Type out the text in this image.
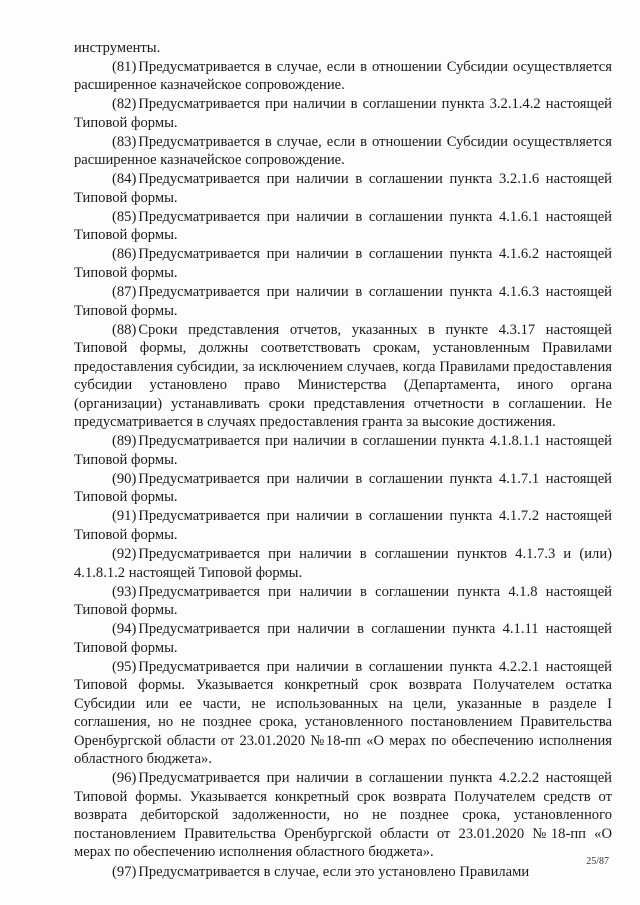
инструменты.
(81) Предусматривается в случае, если в отношении Субсидии осуществляется расширенное казначейское сопровождение.
(82) Предусматривается при наличии в соглашении пункта 3.2.1.4.2 настоящей Типовой формы.
(83) Предусматривается в случае, если в отношении Субсидии осуществляется расширенное казначейское сопровождение.
(84) Предусматривается при наличии в соглашении пункта 3.2.1.6 настоящей Типовой формы.
(85) Предусматривается при наличии в соглашении пункта 4.1.6.1 настоящей Типовой формы.
(86) Предусматривается при наличии в соглашении пункта 4.1.6.2 настоящей Типовой формы.
(87) Предусматривается при наличии в соглашении пункта 4.1.6.3 настоящей Типовой формы.
(88) Сроки представления отчетов, указанных в пункте 4.3.17 настоящей Типовой формы, должны соответствовать срокам, установленным Правилами предоставления субсидии, за исключением случаев, когда Правилами предоставления субсидии установлено право Министерства (Департамента, иного органа (организации) устанавливать сроки представления отчетности в соглашении. Не предусматривается в случаях предоставления гранта за высокие достижения.
(89) Предусматривается при наличии в соглашении пункта 4.1.8.1.1 настоящей Типовой формы.
(90) Предусматривается при наличии в соглашении пункта 4.1.7.1 настоящей Типовой формы.
(91) Предусматривается при наличии в соглашении пункта 4.1.7.2 настоящей Типовой формы.
(92) Предусматривается при наличии в соглашении пунктов 4.1.7.3 и (или) 4.1.8.1.2 настоящей Типовой формы.
(93) Предусматривается при наличии в соглашении пункта 4.1.8 настоящей Типовой формы.
(94) Предусматривается при наличии в соглашении пункта 4.1.11 настоящей Типовой формы.
(95) Предусматривается при наличии в соглашении пункта 4.2.2.1 настоящей Типовой формы. Указывается конкретный срок возврата Получателем остатка Субсидии или ее части, не использованных на цели, указанные в разделе I соглашения, но не позднее срока, установленного постановлением Правительства Оренбургской области от 23.01.2020 №18-пп «О мерах по обеспечению исполнения областного бюджета».
(96) Предусматривается при наличии в соглашении пункта 4.2.2.2 настоящей Типовой формы. Указывается конкретный срок возврата Получателем средств от возврата дебиторской задолженности, но не позднее срока, установленного постановлением Правительства Оренбургской области от 23.01.2020 №18-пп «О мерах по обеспечению исполнения областного бюджета».
(97) Предусматривается в случае, если это установлено Правилами
25/87
